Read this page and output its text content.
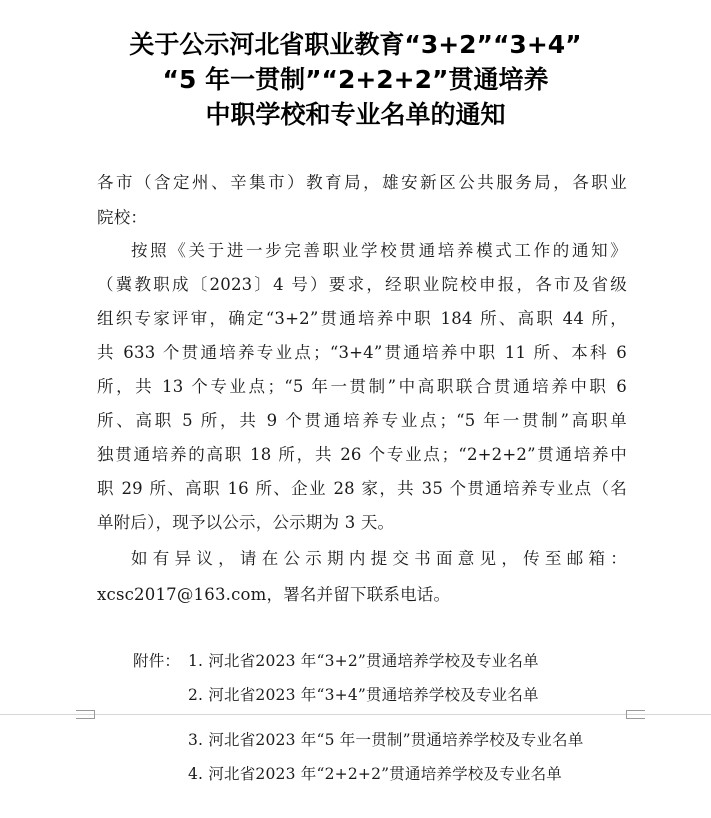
关于公示河北省职业教育“3+2”“3+4”
“5 年一贯制”“2+2+2”贯通培养
中职学校和专业名单的通知
各市（含定州、辛集市）教育局，雄安新区公共服务局，各职业
院校：
按照《关于进一步完善职业学校贯通培养模式工作的通知》
（冀教职成〔2023〕4 号）要求，经职业院校申报，各市及省级
组织专家评审，确定“3+2”贯通培养中职 184 所、高职 44 所，
共 633 个贯通培养专业点；“3+4”贯通培养中职 11 所、本科 6
所，共 13 个专业点；“5 年一贯制”中高职联合贯通培养中职 6
所、高职 5 所，共 9 个贯通培养专业点；“5 年一贯制”高职单
独贯通培养的高职 18 所，共 26 个专业点；“2+2+2”贯通培养中
职 29 所、高职 16 所、企业 28 家，共 35 个贯通培养专业点（名
单附后），现予以公示，公示期为 3 天。
如有异议，请在公示期内提交书面意见，传至邮箱：
xcsc2017@163.com，署名并留下联系电话。
附件： 1. 河北省2023 年“3+2”贯通培养学校及专业名单
2. 河北省2023 年“3+4”贯通培养学校及专业名单
3. 河北省2023 年“5 年一贯制”贯通培养学校及专业名单
4. 河北省2023 年“2+2+2”贯通培养学校及专业名单
